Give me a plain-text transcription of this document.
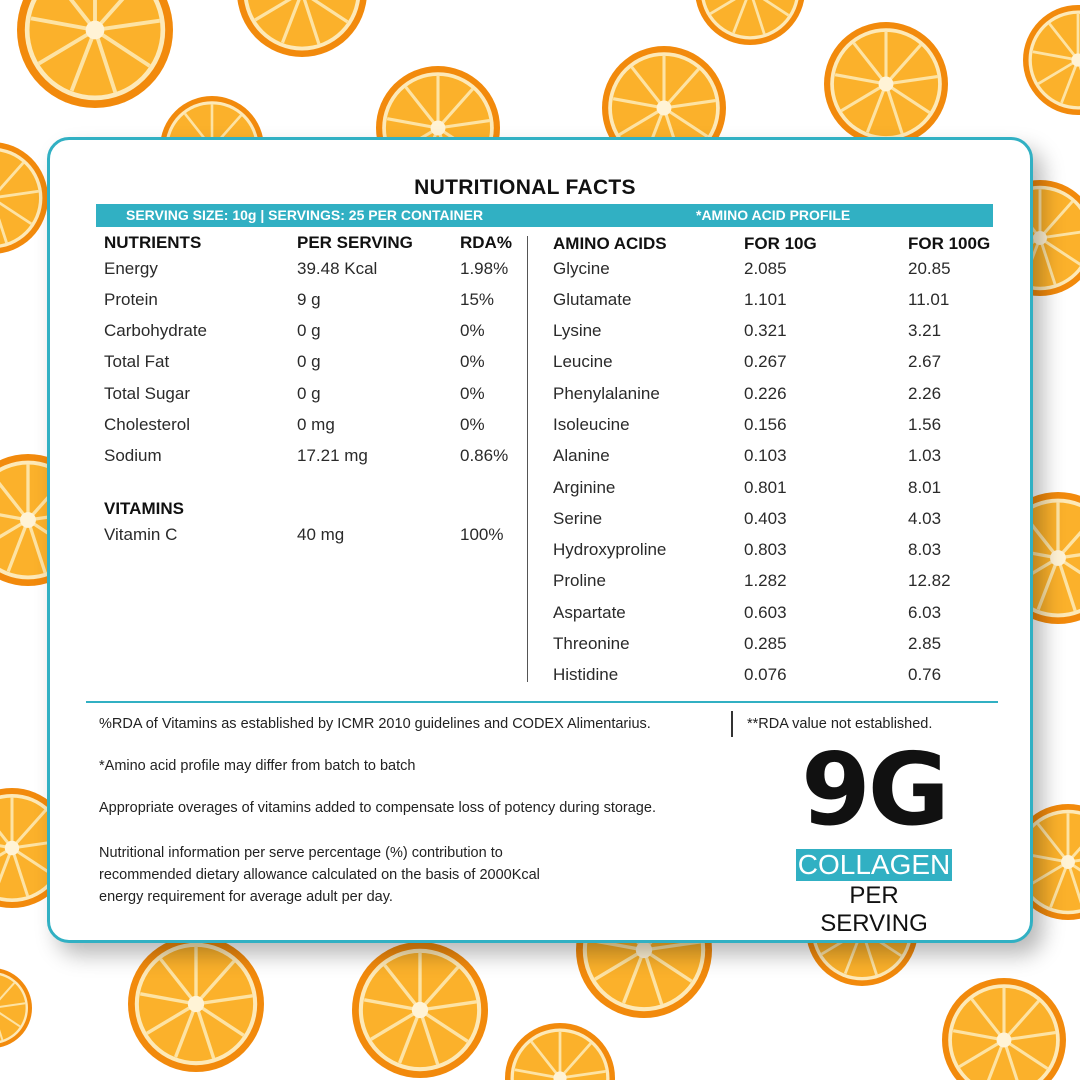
NUTRITIONAL FACTS
SERVING SIZE: 10g | SERVINGS: 25 PER CONTAINER	*AMINO ACID PROFILE
NUTRIENTS	PER SERVING	RDA%
Energy	39.48 Kcal	1.98%
Protein	9 g	15%
Carbohydrate	0 g	0%
Total Fat	0 g	0%
Total Sugar	0 g	0%
Cholesterol	0 mg	0%
Sodium	17.21 mg	0.86%
VITAMINS
Vitamin C	40 mg	100%
AMINO ACIDS	FOR 10G	FOR 100G
Glycine	2.085	20.85
Glutamate	1.101	11.01
Lysine	0.321	3.21
Leucine	0.267	2.67
Phenylalanine	0.226	2.26
Isoleucine	0.156	1.56
Alanine	0.103	1.03
Arginine	0.801	8.01
Serine	0.403	4.03
Hydroxyproline	0.803	8.03
Proline	1.282	12.82
Aspartate	0.603	6.03
Threonine	0.285	2.85
Histidine	0.076	0.76
%RDA of Vitamins as established by ICMR 2010 guidelines and CODEX Alimentarius.	**RDA value not established.
*Amino acid profile may differ from batch to batch
Appropriate overages of vitamins added to compensate loss of potency during storage.
Nutritional information per serve percentage (%) contribution to
recommended dietary allowance calculated on the basis of 2000Kcal
energy requirement for average adult per day.
9G
COLLAGEN
PER SERVING
